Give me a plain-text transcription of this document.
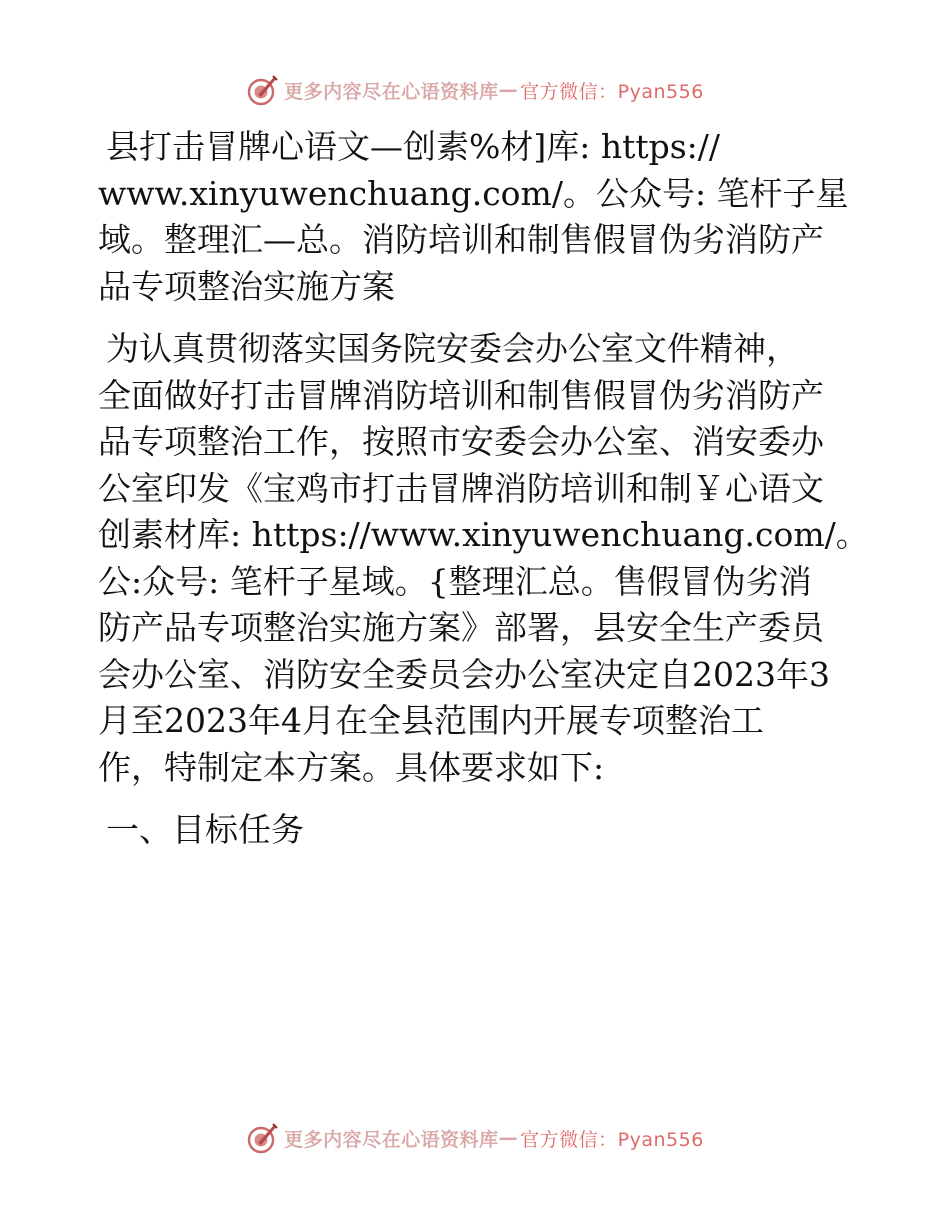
更多内容尽在心语资料库 — 官方微信：Pyan556

县打击冒牌心语文—创素%材]库: https://
www.xinyuwenchuang.com/。公众号: 笔杆子星
域。整理汇—总。消防培训和制售假冒伪劣消防产
品专项整治实施方案

为认真贯彻落实国务院安委会办公室文件精神，
全面做好打击冒牌消防培训和制售假冒伪劣消防产
品专项整治工作，按照市安委会办公室、消安委办
公室印发《宝鸡市打击冒牌消防培训和制￥心语文
创素材库: https://www.xinyuwenchuang.com/。
公:众号: 笔杆子星域。{整理汇总。售假冒伪劣消
防产品专项整治实施方案》部署，县安全生产委员
会办公室、消防安全委员会办公室决定自2023年3
月至2023年4月在全县范围内开展专项整治工
作，特制定本方案。具体要求如下:

一、目标任务

更多内容尽在心语资料库 — 官方微信：Pyan556
